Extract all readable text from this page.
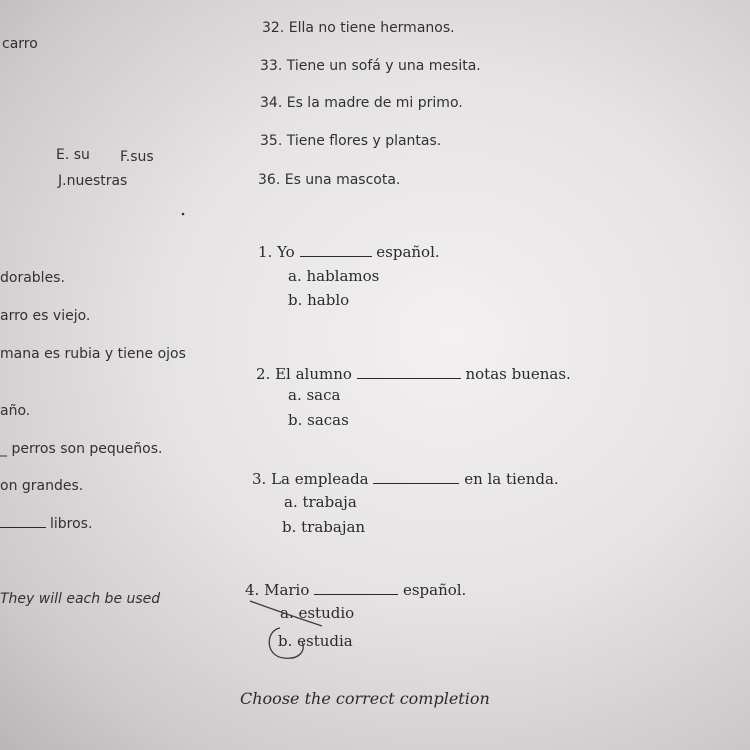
carro
E. su F.sus
J.nuestras
dorables.
arro es viejo.
mana es rubia y tiene ojos
año.
_ perros son pequeños.
on grandes.
libros.
They will each be used
32. Ella no tiene hermanos.
33. Tiene un sofá y una mesita.
34. Es la madre de mi primo.
35. Tiene flores y plantas.
36. Es una mascota.
1. Yo	español.
a. hablamos
b. hablo
2. El alumno	notas buenas.
a. saca
b. sacas
3. La empleada	en la tienda.
a. trabaja
b. trabajan
4. Mario	español.
a. estudio
b. estudia
Choose the correct completion
